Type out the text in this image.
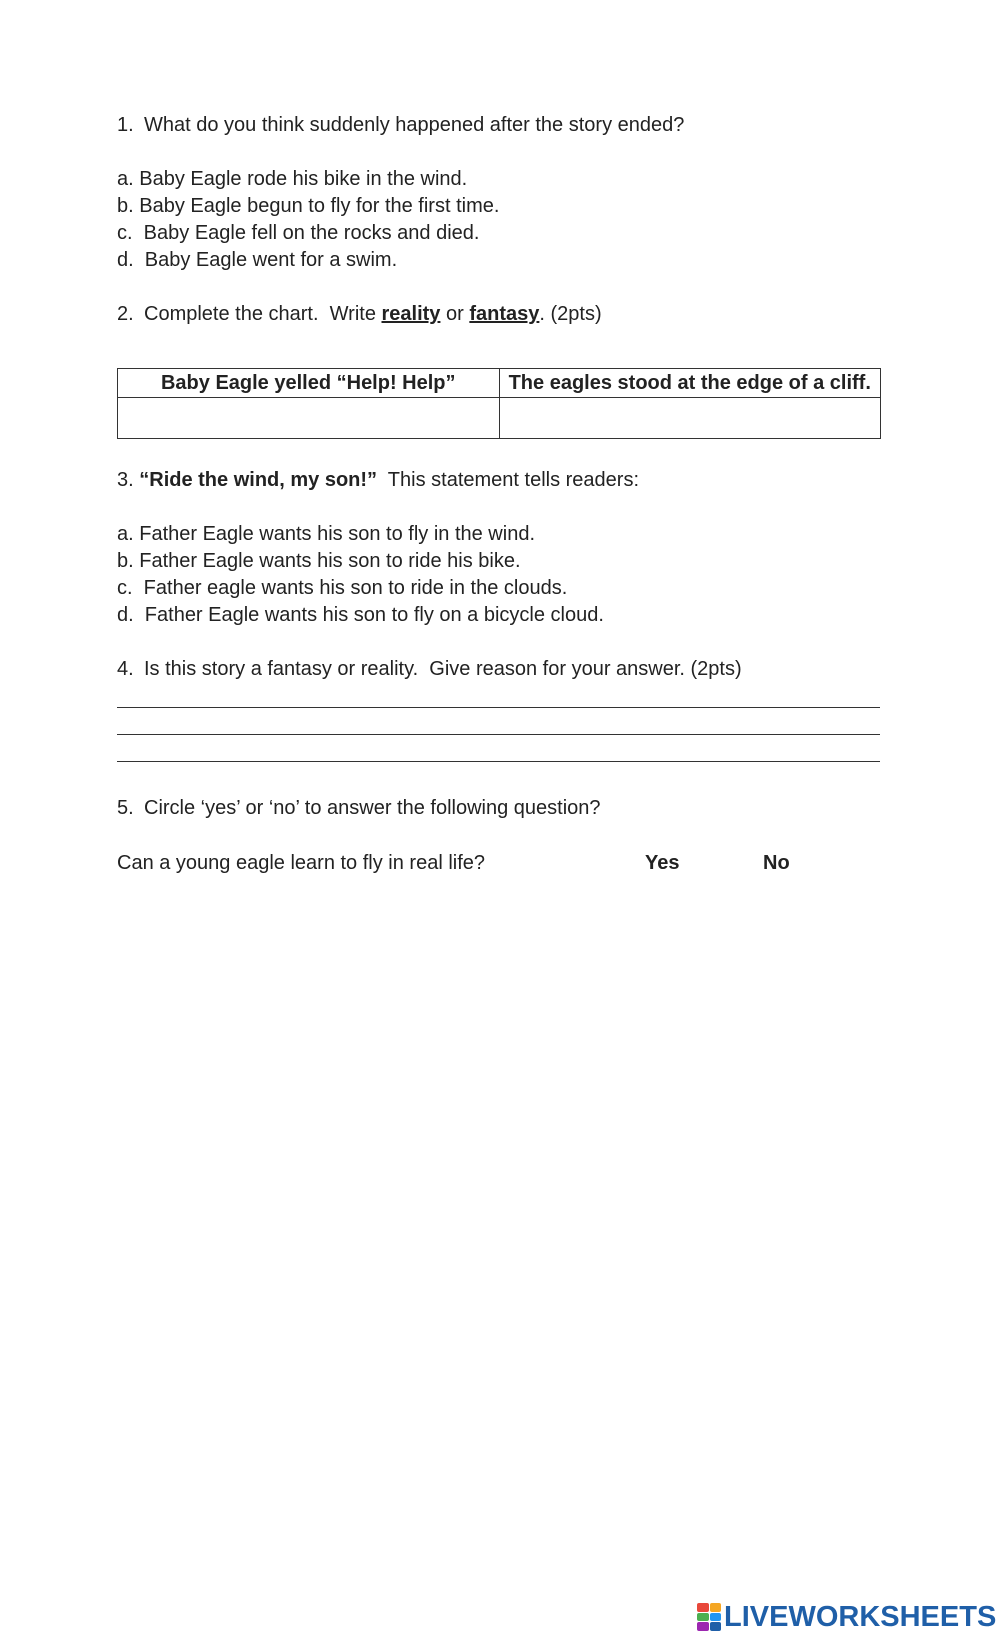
1. What do you think suddenly happened after the story ended?
a. Baby Eagle rode his bike in the wind.
b. Baby Eagle begun to fly for the first time.
c.  Baby Eagle fell on the rocks and died.
d.  Baby Eagle went for a swim.
2. Complete the chart.  Write reality or fantasy. (2pts)
Baby Eagle yelled “Help! Help”	The eagles stood at the edge of a cliff.

3. “Ride the wind, my son!”  This statement tells readers:
a. Father Eagle wants his son to fly in the wind.
b. Father Eagle wants his son to ride his bike.
c.  Father eagle wants his son to ride in the clouds.
d.  Father Eagle wants his son to fly on a bicycle cloud.
4. Is this story a fantasy or reality.  Give reason for your answer. (2pts)
5. Circle ‘yes’ or ‘no’ to answer the following question?
Can a young eagle learn to fly in real life?	Yes	No
LIVEWORKSHEETS
